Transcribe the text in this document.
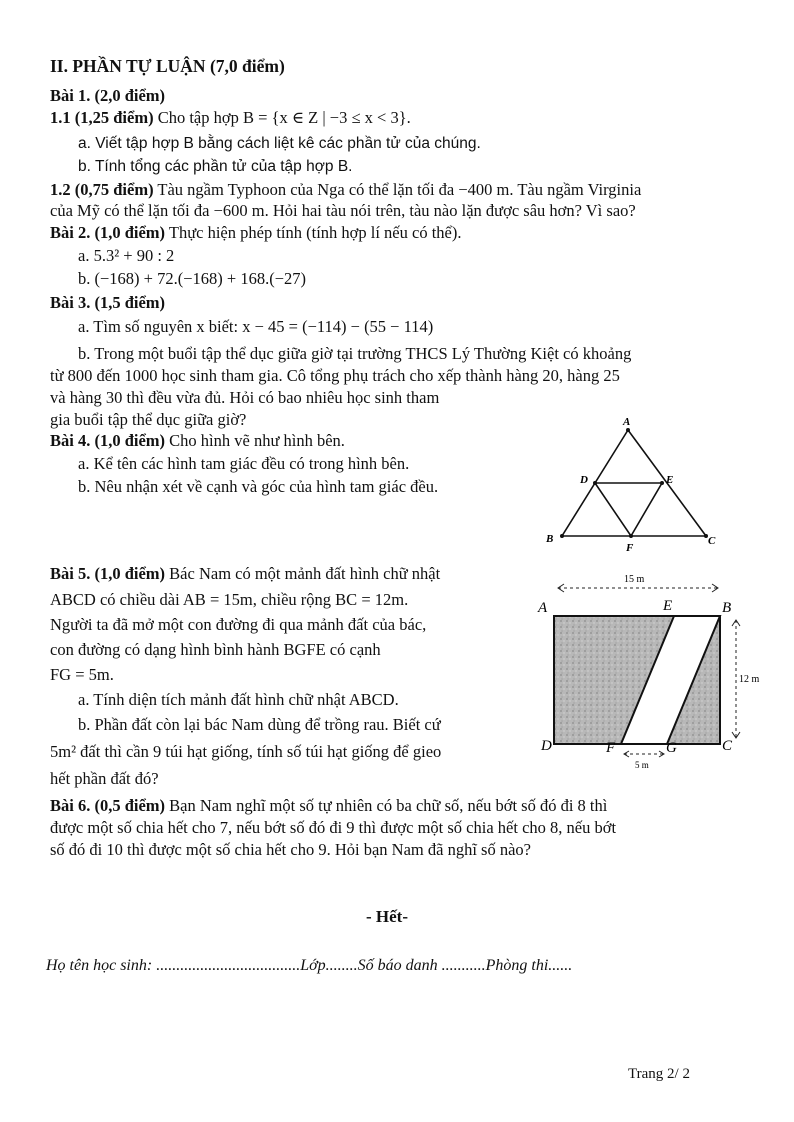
II. PHẦN TỰ LUẬN (7,0 điểm)
Bài 1. (2,0 điểm)
1.1 (1,25 điểm) Cho tập hợp B = {x ∈ Z | −3 ≤ x < 3}.
a. Viết tập hợp B bằng cách liệt kê các phần tử của chúng.
b. Tính tổng các phần tử của tập hợp B.
1.2 (0,75 điểm) Tàu ngầm Typhoon của Nga có thể lặn tối đa −400 m. Tàu ngầm Virginia
của Mỹ có thể lặn tối đa −600 m. Hỏi hai tàu nói trên, tàu nào lặn được sâu hơn? Vì sao?
Bài 2. (1,0 điểm) Thực hiện phép tính (tính hợp lí nếu có thể).
a. 5.3² + 90 : 2
b. (−168) + 72.(−168) + 168.(−27)
Bài 3. (1,5 điểm)
a. Tìm số nguyên x biết: x − 45 = (−114) − (55 − 114)
b. Trong một buổi tập thể dục giữa giờ tại trường THCS Lý Thường Kiệt có khoảng
từ 800 đến 1000 học sinh tham gia. Cô tổng phụ trách cho xếp thành hàng 20, hàng 25
và hàng 30 thì đều vừa đủ. Hỏi có bao nhiêu học sinh tham
gia buổi tập thể dục giữa giờ?
Bài 4. (1,0 điểm) Cho hình vẽ như hình bên.
a. Kể tên các hình tam giác đều có trong hình bên.
b. Nêu nhận xét về cạnh và góc của hình tam giác đều.
A
B	C
D	E
F
Bài 5. (1,0 điểm) Bác Nam có một mảnh đất hình chữ nhật
ABCD có chiều dài AB = 15m, chiều rộng BC = 12m.
Người ta đã mở một con đường đi qua mảnh đất của bác,
con đường có dạng hình bình hành BGFE có cạnh
FG = 5m.
a. Tính diện tích mảnh đất hình chữ nhật ABCD.
b. Phần đất còn lại bác Nam dùng để trồng rau. Biết cứ
5m² đất thì cần 9 túi hạt giống, tính số túi hạt giống để gieo
hết phần đất đó?
15 m
12 m
5 m
A	E	B
D	F	G	C
Bài 6. (0,5 điểm) Bạn Nam nghĩ một số tự nhiên có ba chữ số, nếu bớt số đó đi 8 thì
được một số chia hết cho 7, nếu bớt số đó đi 9 thì được một số chia hết cho 8, nếu bớt
số đó đi 10 thì được một số chia hết cho 9. Hỏi bạn Nam đã nghĩ số nào?
- Hết-
Họ tên học sinh: ....................................Lớp........Số báo danh ...........Phòng thi......
Trang 2/ 2
